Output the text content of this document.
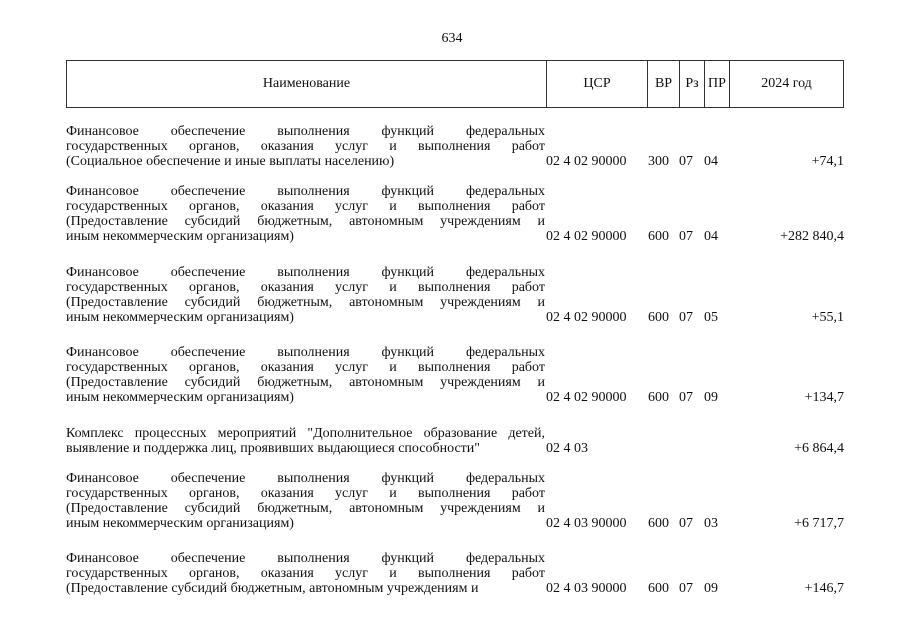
634
Наименование	ЦСР	ВР Рз ПР	2024 год
Финансовое обеспечение выполнения функций федеральных
государственных органов, оказания услуг и выполнения работ
(Социальное обеспечение и иные выплаты населению)	02 4 02 90000 300 07 04	+74,1
Финансовое обеспечение выполнения функций федеральных
государственных органов, оказания услуг и выполнения работ
(Предоставление субсидий бюджетным, автономным учреждениям и
иным некоммерческим организациям)	02 4 02 90000 600 07 04	+282 840,4
Финансовое обеспечение выполнения функций федеральных
государственных органов, оказания услуг и выполнения работ
(Предоставление субсидий бюджетным, автономным учреждениям и
иным некоммерческим организациям)	02 4 02 90000 600 07 05	+55,1
Финансовое обеспечение выполнения функций федеральных
государственных органов, оказания услуг и выполнения работ
(Предоставление субсидий бюджетным, автономным учреждениям и
иным некоммерческим организациям)	02 4 02 90000 600 07 09	+134,7
Комплекс процессных мероприятий "Дополнительное образование детей,
выявление и поддержка лиц, проявивших выдающиеся способности"	02 4 03	+6 864,4
Финансовое обеспечение выполнения функций федеральных
государственных органов, оказания услуг и выполнения работ
(Предоставление субсидий бюджетным, автономным учреждениям и
иным некоммерческим организациям)	02 4 03 90000 600 07 03	+6 717,7
Финансовое обеспечение выполнения функций федеральных
государственных органов, оказания услуг и выполнения работ
(Предоставление субсидий бюджетным, автономным учреждениям и	02 4 03 90000 600 07 09	+146,7
